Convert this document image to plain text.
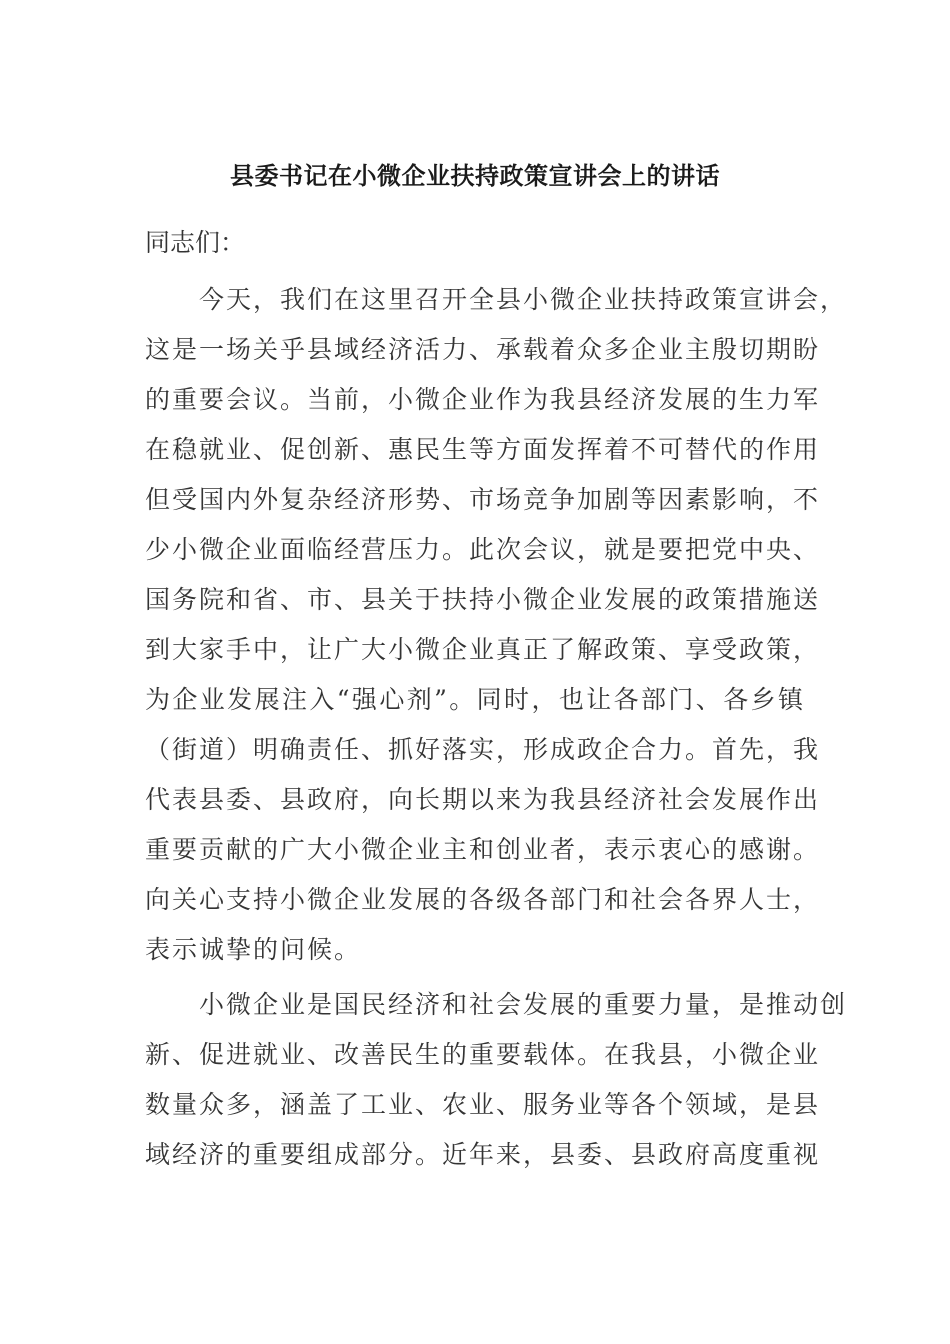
县委书记在小微企业扶持政策宣讲会上的讲话
同志们：
　　今天，我们在这里召开全县小微企业扶持政策宣讲会，
这是一场关乎县域经济活力、承载着众多企业主殷切期盼
的重要会议。当前，小微企业作为我县经济发展的生力军
在稳就业、促创新、惠民生等方面发挥着不可替代的作用
但受国内外复杂经济形势、市场竞争加剧等因素影响，不
少小微企业面临经营压力。此次会议，就是要把党中央、
国务院和省、市、县关于扶持小微企业发展的政策措施送
到大家手中，让广大小微企业真正了解政策、享受政策，
为企业发展注入“强心剂”。同时，也让各部门、各乡镇
（街道）明确责任、抓好落实，形成政企合力。首先，我
代表县委、县政府，向长期以来为我县经济社会发展作出
重要贡献的广大小微企业主和创业者，表示衷心的感谢。
向关心支持小微企业发展的各级各部门和社会各界人士，
表示诚挚的问候。
　　小微企业是国民经济和社会发展的重要力量，是推动创
新、促进就业、改善民生的重要载体。在我县，小微企业
数量众多，涵盖了工业、农业、服务业等各个领域，是县
域经济的重要组成部分。近年来，县委、县政府高度重视
